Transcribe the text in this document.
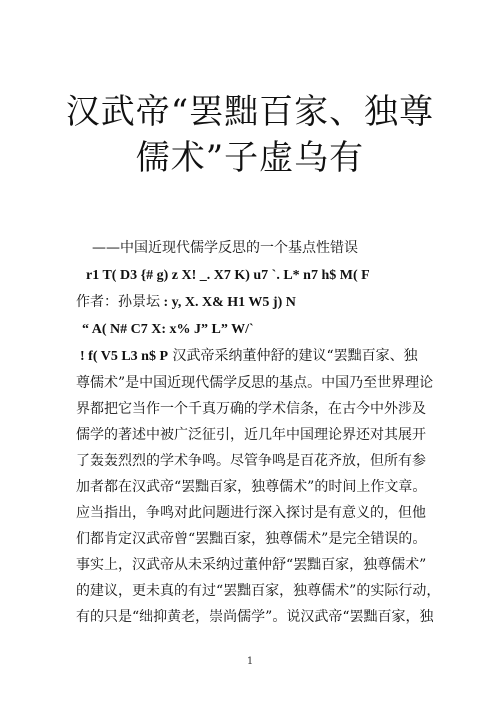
汉武帝“罢黜百家、独尊
儒术”子虚乌有
——中国近现代儒学反思的一个基点性错误
r1 T( D3 {# g) z X! _. X7 K) u7 `. L* n7 h$ M( F
作者：孙景坛 : y, X. X& H1 W5 j) N
“ A( N# C7 X: x% J” L” W/`
! f( V5 L3 n$ P 汉武帝采纳董仲舒的建议“罢黜百家、独
尊儒术”是中国近现代儒学反思的基点。中国乃至世界理论
界都把它当作一个千真万确的学术信条，在古今中外涉及
儒学的著述中被广泛征引，近几年中国理论界还对其展开
了轰轰烈烈的学术争鸣。尽管争鸣是百花齐放，但所有参
加者都在汉武帝“罢黜百家，独尊儒术”的时间上作文章。
应当指出，争鸣对此问题进行深入探讨是有意义的，但他
们都肯定汉武帝曾“罢黜百家，独尊儒术”是完全错误的。
事实上，汉武帝从未采纳过董仲舒“罢黜百家，独尊儒术”
的建议，更未真的有过“罢黜百家，独尊儒术”的实际行动，
有的只是“绌抑黄老，崇尚儒学”。说汉武帝“罢黜百家，独
1
